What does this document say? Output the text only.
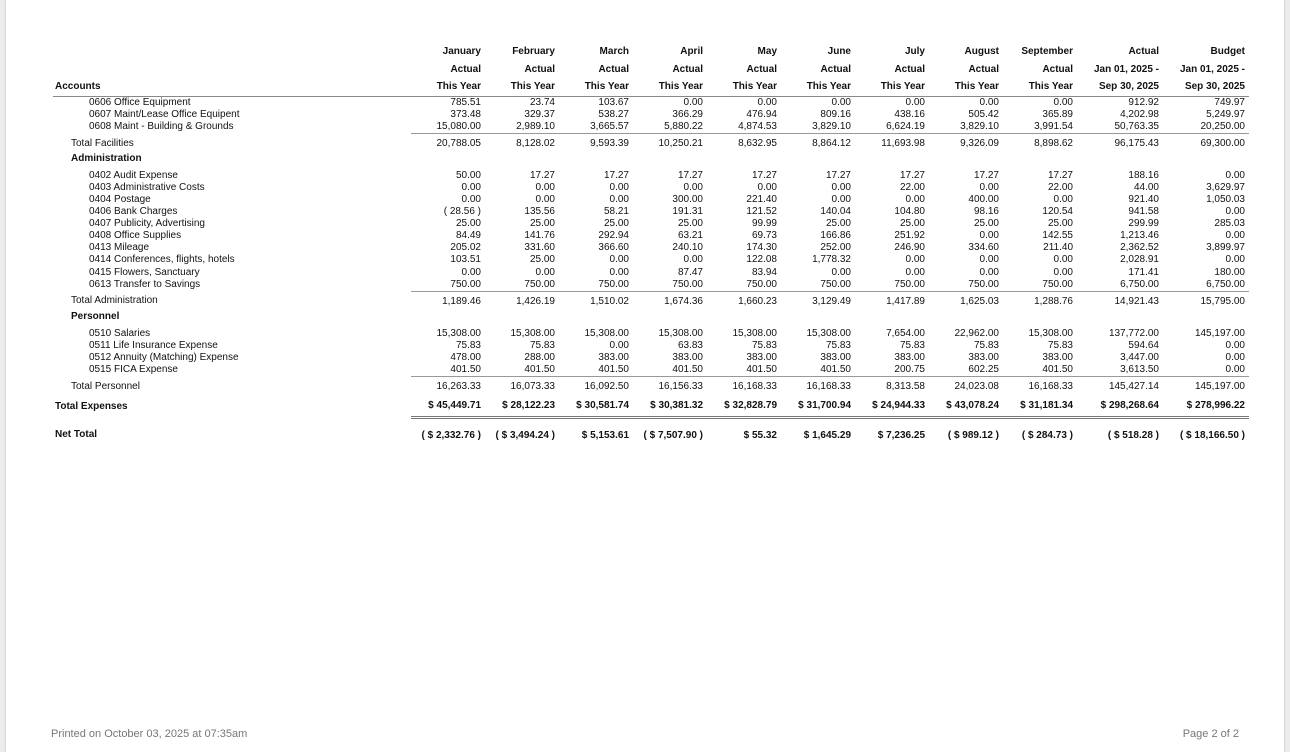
	January	February	March	April	May	June	July	August	September	Actual	Budget
	Actual	Actual	Actual	Actual	Actual	Actual	Actual	Actual	Actual	Jan 01, 2025 -	Jan 01, 2025 -
Accounts	This Year	This Year	This Year	This Year	This Year	This Year	This Year	This Year	This Year	Sep 30, 2025	Sep 30, 2025
0606 Office Equipment	785.51	23.74	103.67	0.00	0.00	0.00	0.00	0.00	0.00	912.92	749.97
0607 Maint/Lease Office Equipent	373.48	329.37	538.27	366.29	476.94	809.16	438.16	505.42	365.89	4,202.98	5,249.97
0608 Maint - Building & Grounds	15,080.00	2,989.10	3,665.57	5,880.22	4,874.53	3,829.10	6,624.19	3,829.10	3,991.54	50,763.35	20,250.00
Total Facilities	20,788.05	8,128.02	9,593.39	10,250.21	8,632.95	8,864.12	11,693.98	9,326.09	8,898.62	96,175.43	69,300.00
Administration											

0402 Audit Expense	50.00	17.27	17.27	17.27	17.27	17.27	17.27	17.27	17.27	188.16	0.00
0403 Administrative Costs	0.00	0.00	0.00	0.00	0.00	0.00	22.00	0.00	22.00	44.00	3,629.97
0404 Postage	0.00	0.00	0.00	300.00	221.40	0.00	0.00	400.00	0.00	921.40	1,050.03
0406 Bank Charges	( 28.56 )	135.56	58.21	191.31	121.52	140.04	104.80	98.16	120.54	941.58	0.00
0407 Publicity, Advertising	25.00	25.00	25.00	25.00	99.99	25.00	25.00	25.00	25.00	299.99	285.03
0408 Office Supplies	84.49	141.76	292.94	63.21	69.73	166.86	251.92	0.00	142.55	1,213.46	0.00
0413 Mileage	205.02	331.60	366.60	240.10	174.30	252.00	246.90	334.60	211.40	2,362.52	3,899.97
0414 Conferences, flights, hotels	103.51	25.00	0.00	0.00	122.08	1,778.32	0.00	0.00	0.00	2,028.91	0.00
0415 Flowers, Sanctuary	0.00	0.00	0.00	87.47	83.94	0.00	0.00	0.00	0.00	171.41	180.00
0613 Transfer to Savings	750.00	750.00	750.00	750.00	750.00	750.00	750.00	750.00	750.00	6,750.00	6,750.00
Total Administration	1,189.46	1,426.19	1,510.02	1,674.36	1,660.23	3,129.49	1,417.89	1,625.03	1,288.76	14,921.43	15,795.00
Personnel											

0510 Salaries	15,308.00	15,308.00	15,308.00	15,308.00	15,308.00	15,308.00	7,654.00	22,962.00	15,308.00	137,772.00	145,197.00
0511 Life Insurance Expense	75.83	75.83	0.00	63.83	75.83	75.83	75.83	75.83	75.83	594.64	0.00
0512 Annuity (Matching) Expense	478.00	288.00	383.00	383.00	383.00	383.00	383.00	383.00	383.00	3,447.00	0.00
0515 FICA Expense	401.50	401.50	401.50	401.50	401.50	401.50	200.75	602.25	401.50	3,613.50	0.00
Total Personnel	16,263.33	16,073.33	16,092.50	16,156.33	16,168.33	16,168.33	8,313.58	24,023.08	16,168.33	145,427.14	145,197.00
Total Expenses	$ 45,449.71	$ 28,122.23	$ 30,581.74	$ 30,381.32	$ 32,828.79	$ 31,700.94	$ 24,944.33	$ 43,078.24	$ 31,181.34	$ 298,268.64	$ 278,996.22
Net Total	( $ 2,332.76 )	( $ 3,494.24 )	$ 5,153.61	( $ 7,507.90 )	$ 55.32	$ 1,645.29	$ 7,236.25	( $ 989.12 )	( $ 284.73 )	( $ 518.28 )	( $ 18,166.50 )
Printed on October 03, 2025 at 07:35am	Page 2 of 2
